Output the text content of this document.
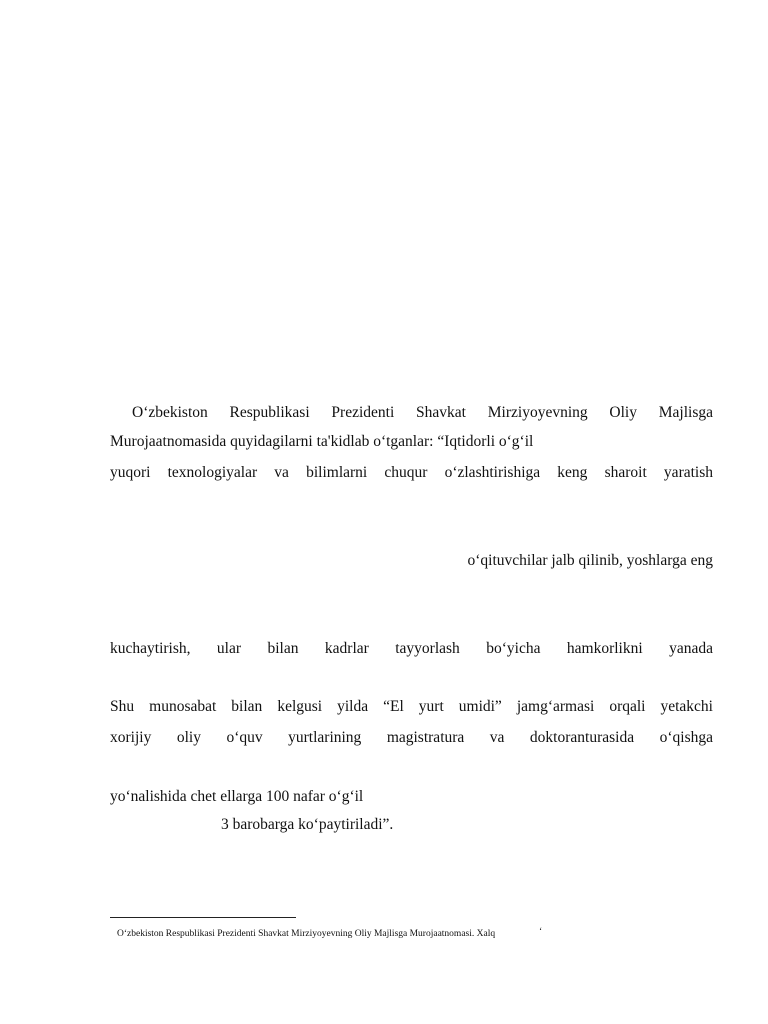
O‘zbekiston Respublikasi Prezidenti Shavkat Mirziyoyevning Oliy Majlisga
Murojaatnomasida quyidagilarni ta'kidlab o‘tganlar: “Iqtidorli o‘g‘il
yuqori texnologiyalar va bilimlarni chuqur o‘zlashtirishiga keng sharoit yaratish
o‘qituvchilar jalb qilinib, yoshlarga eng
kuchaytirish, ular bilan kadrlar tayyorlash bo‘yicha hamkorlikni yanada
Shu munosabat bilan kelgusi yilda “El yurt umidi” jamg‘armasi orqali yetakchi
xorijiy oliy o‘quv yurtlarining magistratura va doktoranturasida o‘qishga
yo‘nalishida chet ellarga 100 nafar o‘g‘il
3 barobarga ko‘paytiriladi”.
O‘zbekiston Respublikasi Prezidenti Shavkat Mirziyoyevning Oliy Majlisga Murojaatnomasi. Xalq	‘
